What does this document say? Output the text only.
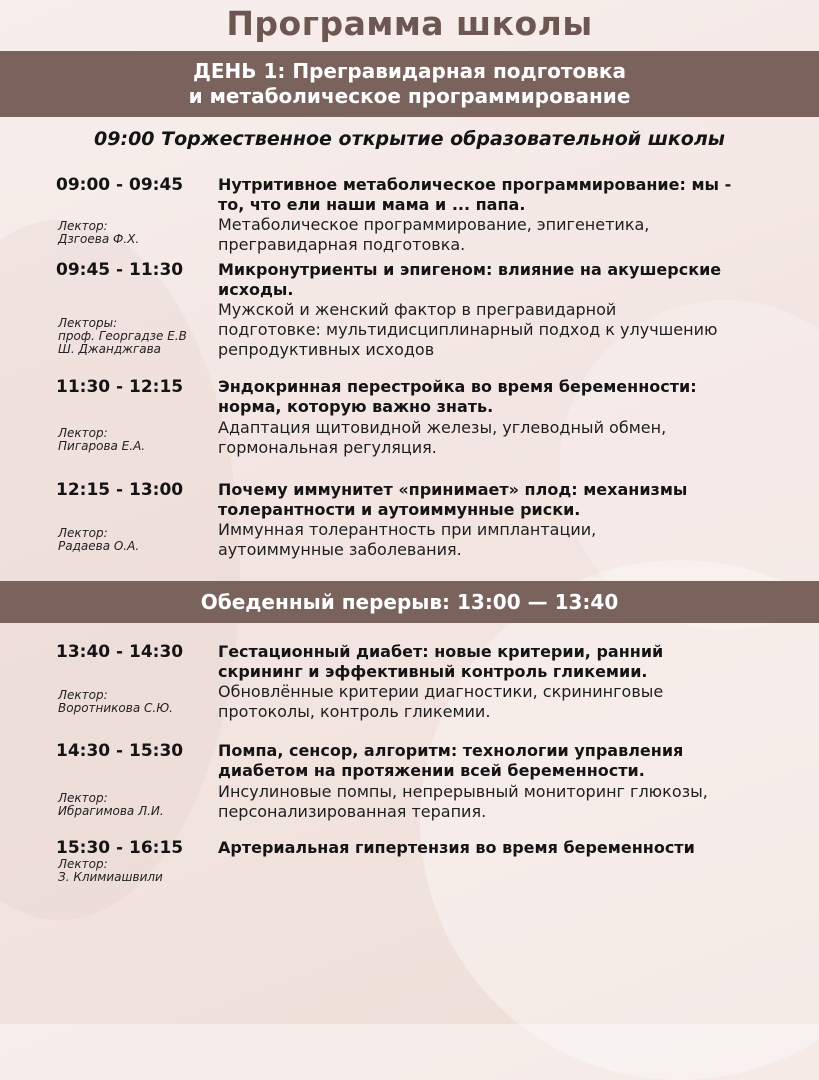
Программа школы
ДЕНЬ 1: Прегравидарная подготовка
и метаболическое программирование
09:00 Торжественное открытие образовательной школы
09:00 - 09:45 Нутритивное метаболическое программирование: мы -
то, что ели наши мама и ... папа.
Лектор:
Дзгоева Ф.Х.
Метаболическое программирование, эпигенетика,
прегравидарная подготовка.
09:45 - 11:30 Микронутриенты и эпигеном: влияние на акушерские
исходы.
Лекторы:
проф. Георгадзе Е.В
Ш. Джанджгава
Мужской и женский фактор в прегравидарной
подготовке: мультидисциплинарный подход к улучшению
репродуктивных исходов
11:30 - 12:15 Эндокринная перестройка во время беременности:
норма, которую важно знать.
Лектор:
Пигарова Е.А.
Адаптация щитовидной железы, углеводный обмен,
гормональная регуляция.
12:15 - 13:00 Почему иммунитет «принимает» плод: механизмы
толерантности и аутоиммунные риски.
Лектор:
Радаева О.А.
Иммунная толерантность при имплантации,
аутоиммунные заболевания.
Обеденный перерыв: 13:00 — 13:40
13:40 - 14:30 Гестационный диабет: новые критерии, ранний
скрининг и эффективный контроль гликемии.
Лектор:
Воротникова С.Ю.
Обновлённые критерии диагностики, скрининговые
протоколы, контроль гликемии.
14:30 - 15:30 Помпа, сенсор, алгоритм: технологии управления
диабетом на протяжении всей беременности.
Лектор:
Ибрагимова Л.И.
Инсулиновые помпы, непрерывный мониторинг глюкозы,
персонализированная терапия.
15:30 - 16:15 Артериальная гипертензия во время беременности
Лектор:
З. Климиашвили
